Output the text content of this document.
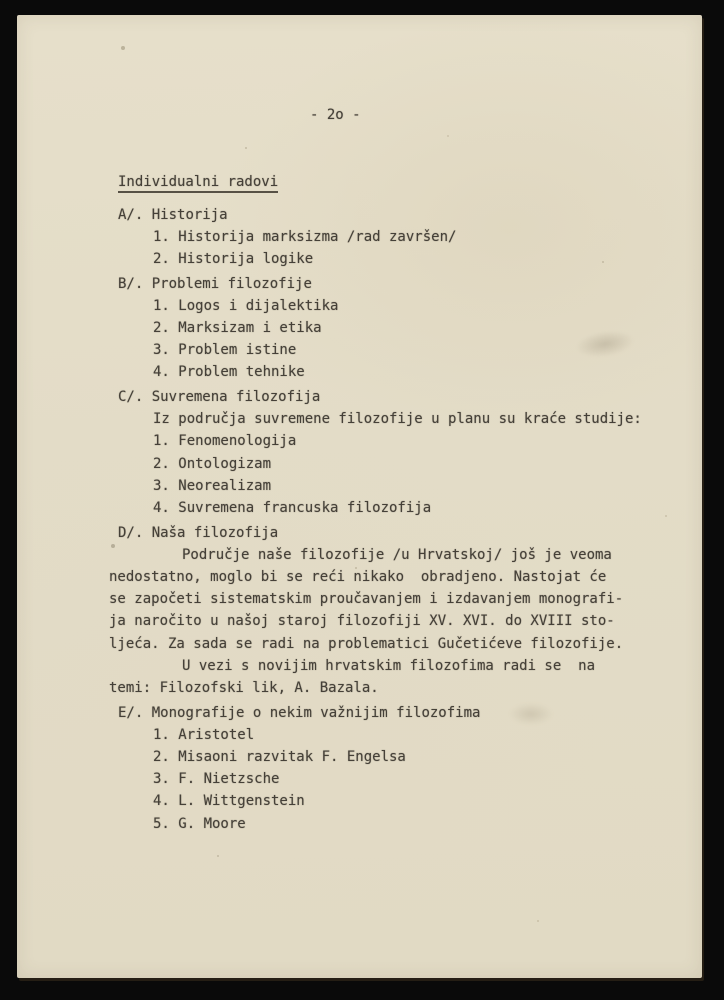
- 2o -
Individualni radovi
A/. Historija
1. Historija marksizma /rad završen/
2. Historija logike
B/. Problemi filozofije
1. Logos i dijalektika
2. Marksizam i etika
3. Problem istine
4. Problem tehnike
C/. Suvremena filozofija
Iz područja suvremene filozofije u planu su kraće studije:
1. Fenomenologija
2. Ontologizam
3. Neorealizam
4. Suvremena francuska filozofija
D/. Naša filozofija
Područje naše filozofije /u Hrvatskoj/ još je veoma
nedostatno, moglo bi se reći nikako  obradjeno. Nastojat će
se započeti sistematskim proučavanjem i izdavanjem monografi-
ja naročito u našoj staroj filozofiji XV. XVI. do XVIII sto-
ljeća. Za sada se radi na problematici Gučetićeve filozofije.
U vezi s novijim hrvatskim filozofima radi se  na
temi: Filozofski lik, A. Bazala.
E/. Monografije o nekim važnijim filozofima
1. Aristotel
2. Misaoni razvitak F. Engelsa
3. F. Nietzsche
4. L. Wittgenstein
5. G. Moore
